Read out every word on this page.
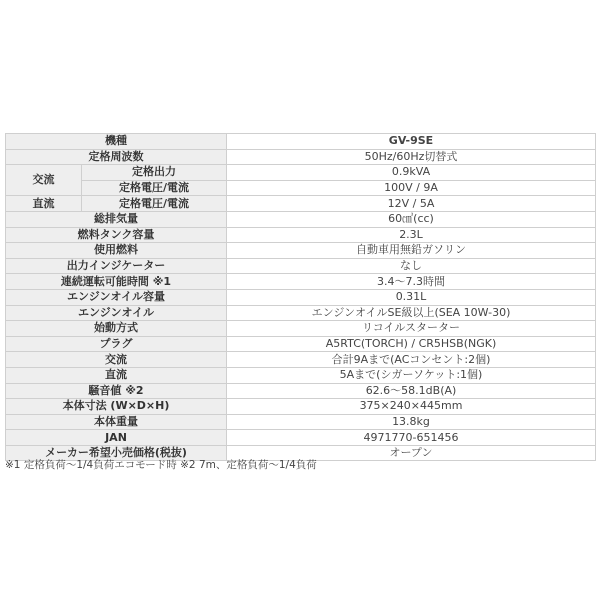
機種		GV-9SE
定格周波数		50Hz/60Hz切替式
交流	定格出力	0.9kVA
	定格電圧/電流	100V / 9A
直流	定格電圧/電流	12V / 5A
総排気量		60㎤(cc)
燃料タンク容量		2.3L
使用燃料		自動車用無鉛ガソリン
出力インジケーター		なし
連続運転可能時間 ※1		3.4〜7.3時間
エンジンオイル容量		0.31L
エンジンオイル		エンジンオイルSE級以上(SEA 10W-30)
始動方式		リコイルスターター
プラグ		A5RTC(TORCH) / CR5HSB(NGK)
交流		合計9Aまで(ACコンセント:2個)
直流		5Aまで(シガーソケット:1個)
騒音値 ※2		62.6〜58.1dB(A)
本体寸法 (W×D×H)		375×240×445mm
本体重量		13.8kg
JAN		4971770-651456
メーカー希望小売価格(税抜)		オープン
※1 定格負荷〜1/4負荷エコモード時 ※2 7m、定格負荷〜1/4負荷
